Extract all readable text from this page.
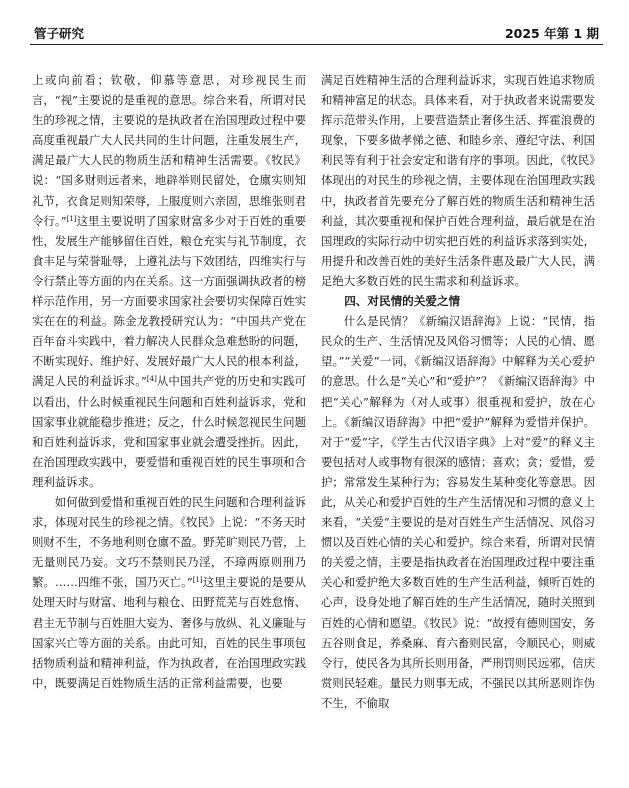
管子研究	2025 年第 1 期

上或向前看；钦敬，仰慕等意思，对珍视民生而言，“视”主要说的是重视的意思。综合来看，所谓对民生的珍视之情，主要说的是执政者在治国理政过程中要高度重视最广大人民共同的生计问题，注重发展生产，满足最广大人民的物质生活和精神生活需要。《牧民》说：“国多财则远者来，地辟举则民留处，仓廪实则知礼节，衣食足则知荣辱，上服度则六亲固，思维张则君令行。”[1]这里主要说明了国家财富多少对于百姓的重要性，发展生产能够留住百姓，粮仓充实与礼节制度，衣食丰足与荣誉耻辱，上遵礼法与下效团结，四维实行与令行禁止等方面的内在关系。这一方面强调执政者的榜样示范作用，另一方面要求国家社会要切实保障百姓实实在在的利益。陈金龙教授研究认为：“中国共产党在百年奋斗实践中，着力解决人民群众急难愁盼的问题，不断实现好、维护好、发展好最广大人民的根本利益，满足人民的利益诉求。”[4]从中国共产党的历史和实践可以看出，什么时候重视民生问题和百姓利益诉求，党和国家事业就能稳步推进；反之，什么时候忽视民生问题和百姓利益诉求，党和国家事业就会遭受挫折。因此，在治国理政实践中，要爱惜和重视百姓的民生事项和合理利益诉求。

如何做到爱惜和重视百姓的民生问题和合理利益诉求，体现对民生的珍视之情。《牧民》上说：“不务天时则财不生，不务地利则仓廪不盈。野芜旷则民乃菅，上无量则民乃妄。文巧不禁则民乃淫，不璋两原则刑乃繁。……四维不张，国乃灭亡。”[1]这里主要说的是要从处理天时与财富、地利与粮仓、田野荒芜与百姓怠惰、君主无节制与百姓胆大妄为、奢侈与放纵、礼义廉耻与国家兴亡等方面的关系。由此可知，百姓的民生事项包括物质利益和精神利益，作为执政者，在治国理政实践中，既要满足百姓物质生活的正常利益需要，也要

满足百姓精神生活的合理利益诉求，实现百姓追求物质和精神富足的状态。具体来看，对于执政者来说需要发挥示范带头作用，上要营造禁止奢侈生活、挥霍浪费的现象，下要多做孝悌之德、和睦乡亲、遵纪守法、利国利民等有利于社会安定和谐有序的事项。因此，《牧民》体现出的对民生的珍视之情，主要体现在治国理政实践中，执政者首先要充分了解百姓的物质生活和精神生活利益，其次要重视和保护百姓合理利益，最后就是在治国理政的实际行动中切实把百姓的利益诉求落到实处，用提升和改善百姓的美好生活条件惠及最广大人民，满足绝大多数百姓的民生需求和利益诉求。

四、对民情的关爱之情

什么是民情？《新编汉语辞海》上说：“民情，指民众的生产、生活情况及风俗习惯等；人民的心情、愿望。”“关爱”一词，《新编汉语辞海》中解释为关心爱护的意思。什么是“关心”和“爱护”？《新编汉语辞海》中把“关心”解释为（对人或事）很重视和爱护，放在心上。《新编汉语辞海》中把“爱护”解释为爱惜并保护。对于“爱”字，《学生古代汉语字典》上对“爱”的释义主要包括对人或事物有很深的感情；喜欢；贪；爱惜，爱护；常常发生某种行为；容易发生某种变化等意思。因此，从关心和爱护百姓的生产生活情况和习惯的意义上来看，“关爱”主要说的是对百姓生产生活情况、风俗习惯以及百姓心情的关心和爱护。综合来看，所谓对民情的关爱之情，主要是指执政者在治国理政过程中要注重关心和爱护绝大多数百姓的生产生活利益，倾听百姓的心声，设身处地了解百姓的生产生活情况，随时关照到百姓的心情和愿望。《牧民》说：“故授有德则国安，务五谷则食足，养桑麻、育六畜则民富，令顺民心，则威令行，使民各为其所长则用备，严刑罚则民远邪，信庆赏则民轻难。量民力则事无成，不强民以其所恶则诈伪不生，不偷取
